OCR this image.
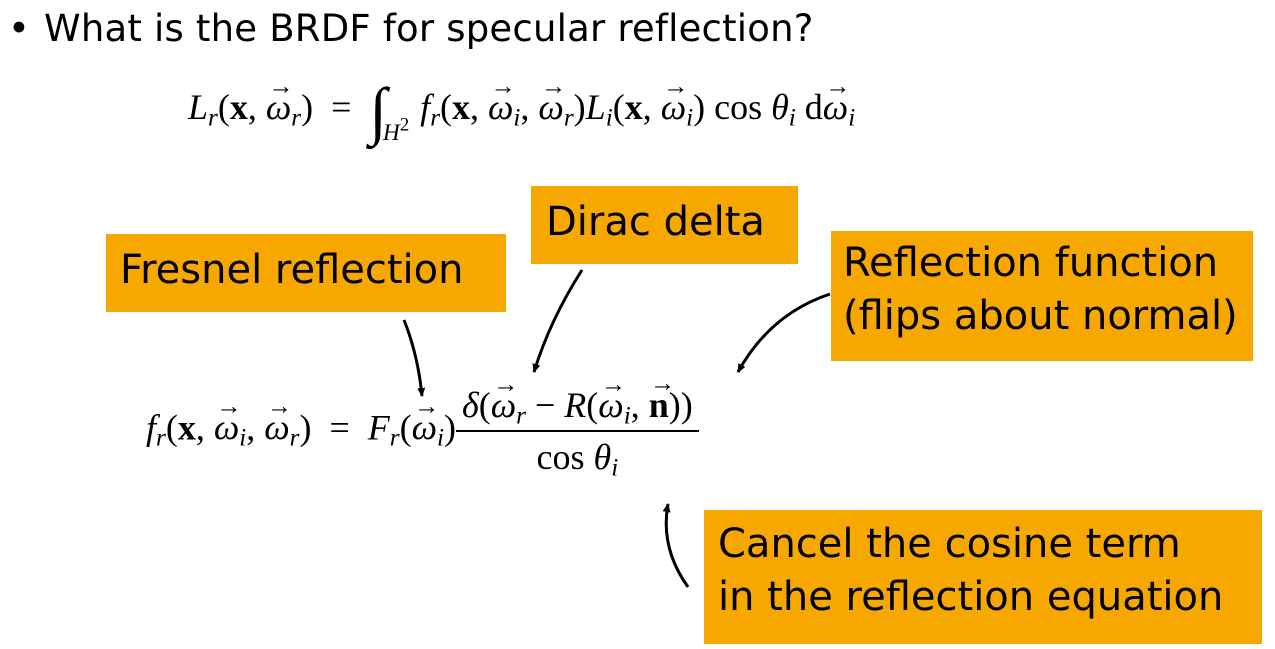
• What is the BRDF for specular reflection?
$L_r(x$, → $\omega_r) = \int_{H^2}$ $f_r(x$, → $\omega_i$, → $\omega_r)L_i(x$, → $\omega_i$) $\cos \theta_i$ $d\to \omega_i$
$f_r(x$, → $\omega_i$, → $\omega_r) = F_r(\to \omega_i) \frac{\delta(\to \omega_r - R(\to \omega_i, \to n))}{\cos \theta_i}$
Fresnel reflection
Dirac delta
Reflection function
(flips about normal)
Cancel the cosine term
in the reflection equation
